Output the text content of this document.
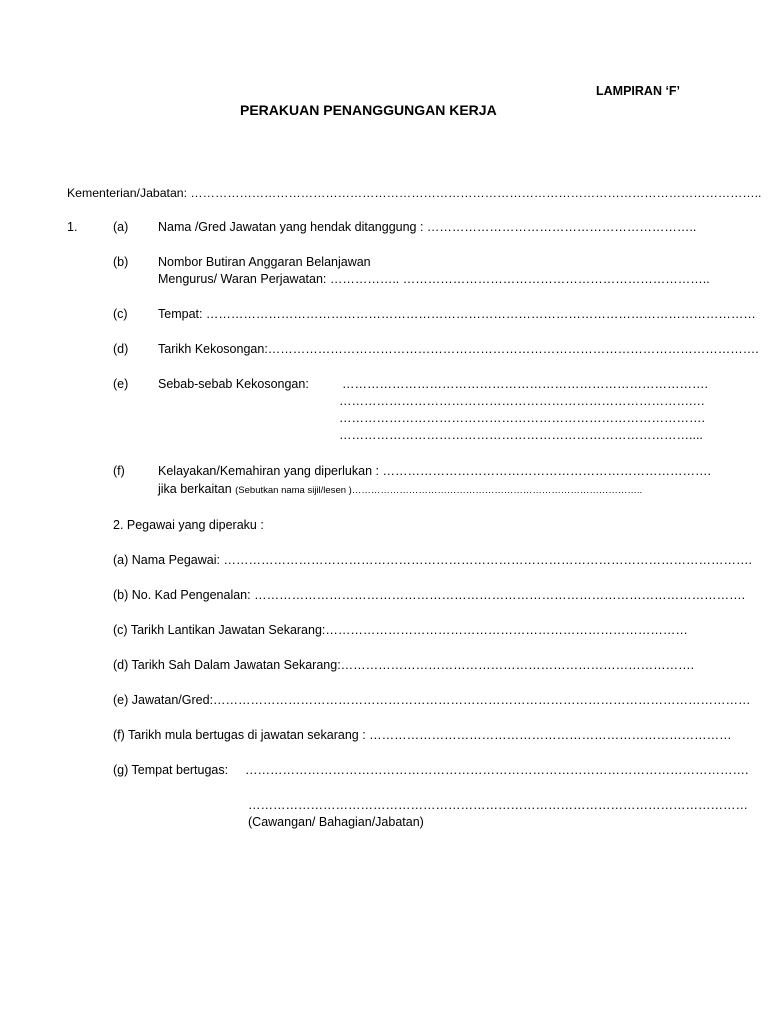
LAMPIRAN ‘F’
PERAKUAN PENANGGUNGAN KERJA
Kementerian/Jabatan: …………………………………………………………………………………………………………………………..
1.	(a) Nama /Gred Jawatan yang hendak ditanggung : ………………………………………………………..
(b) Nombor Butiran Anggaran Belanjawan
Mengurus/ Waran Perjawatan: …………….. ………………………………………………………………..
(c) Tempat: ……………………………………………………………………………………………………………………
(d) Tarikh Kekosongan:……………………………………………………………………………………………………….
(e) Sebab-sebab Kekosongan:	…………………………………………………………………………….
………………………………………………………………………….…
…………………………………………………………………………….
…………………………………………………………………………....
(f)	Kelayakan/Kemahiran yang diperlukan : …………………………………………………………………….
jika berkaitan (Sebutkan nama sijil/lesen )………………………………………………………………………………..
2. Pegawai yang diperaku :
(a) Nama Pegawai: ……………………………………………………………………………………………………………….
(b) No. Kad Pengenalan: ……………………………………………………………………………………………………….
(c) Tarikh Lantikan Jawatan Sekarang:……………………………………………………………………………
(d) Tarikh Sah Dalam Jawatan Sekarang:………………………………………………………………………….
(e) Jawatan/Gred:…………………………………………………………………………………………………………………
(f) Tarikh mula bertugas di jawatan sekarang : ……………………………………………………………………………
(g) Tempat bertugas: ………………………………………………………………………………………………………….
…………………………………………………………………………………………………………
(Cawangan/ Bahagian/Jabatan)
